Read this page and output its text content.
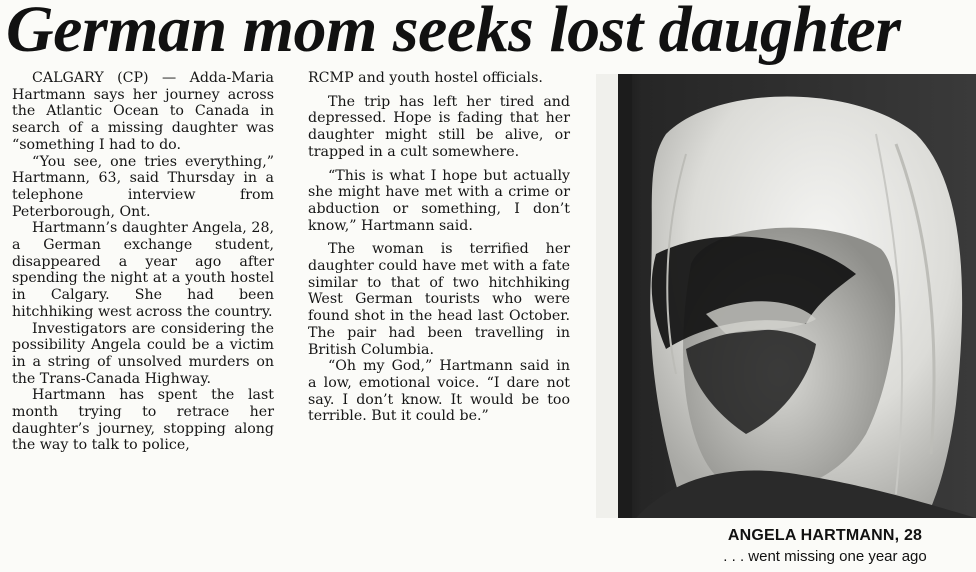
German mom seeks lost daughter

CALGARY (CP) — Adda-Maria Hartmann says her journey across the Atlantic Ocean to Canada in search of a missing daughter was “something I had to do.

“You see, one tries everything,” Hartmann, 63, said Thursday in a telephone interview from Peterborough, Ont.

Hartmann’s daughter Angela, 28, a German exchange student, disappeared a year ago after spending the night at a youth hostel in Calgary. She had been hitchhiking west across the country.

Investigators are considering the possibility Angela could be a victim in a string of unsolved murders on the Trans-Canada Highway.

Hartmann has spent the last month trying to retrace her daughter’s journey, stopping along the way to talk to police,

RCMP and youth hostel officials.

The trip has left her tired and depressed. Hope is fading that her daughter might still be alive, or trapped in a cult somewhere.

“This is what I hope but actually she might have met with a crime or abduction or something, I don’t know,” Hartmann said.

The woman is terrified her daughter could have met with a fate similar to that of two hitchhiking West German tourists who were found shot in the head last October. The pair had been travelling in British Columbia.

“Oh my God,” Hartmann said in a low, emotional voice. “I dare not say. I don’t know. It would be too terrible. But it could be.”

ANGELA HARTMANN, 28
. . . went missing one year ago
